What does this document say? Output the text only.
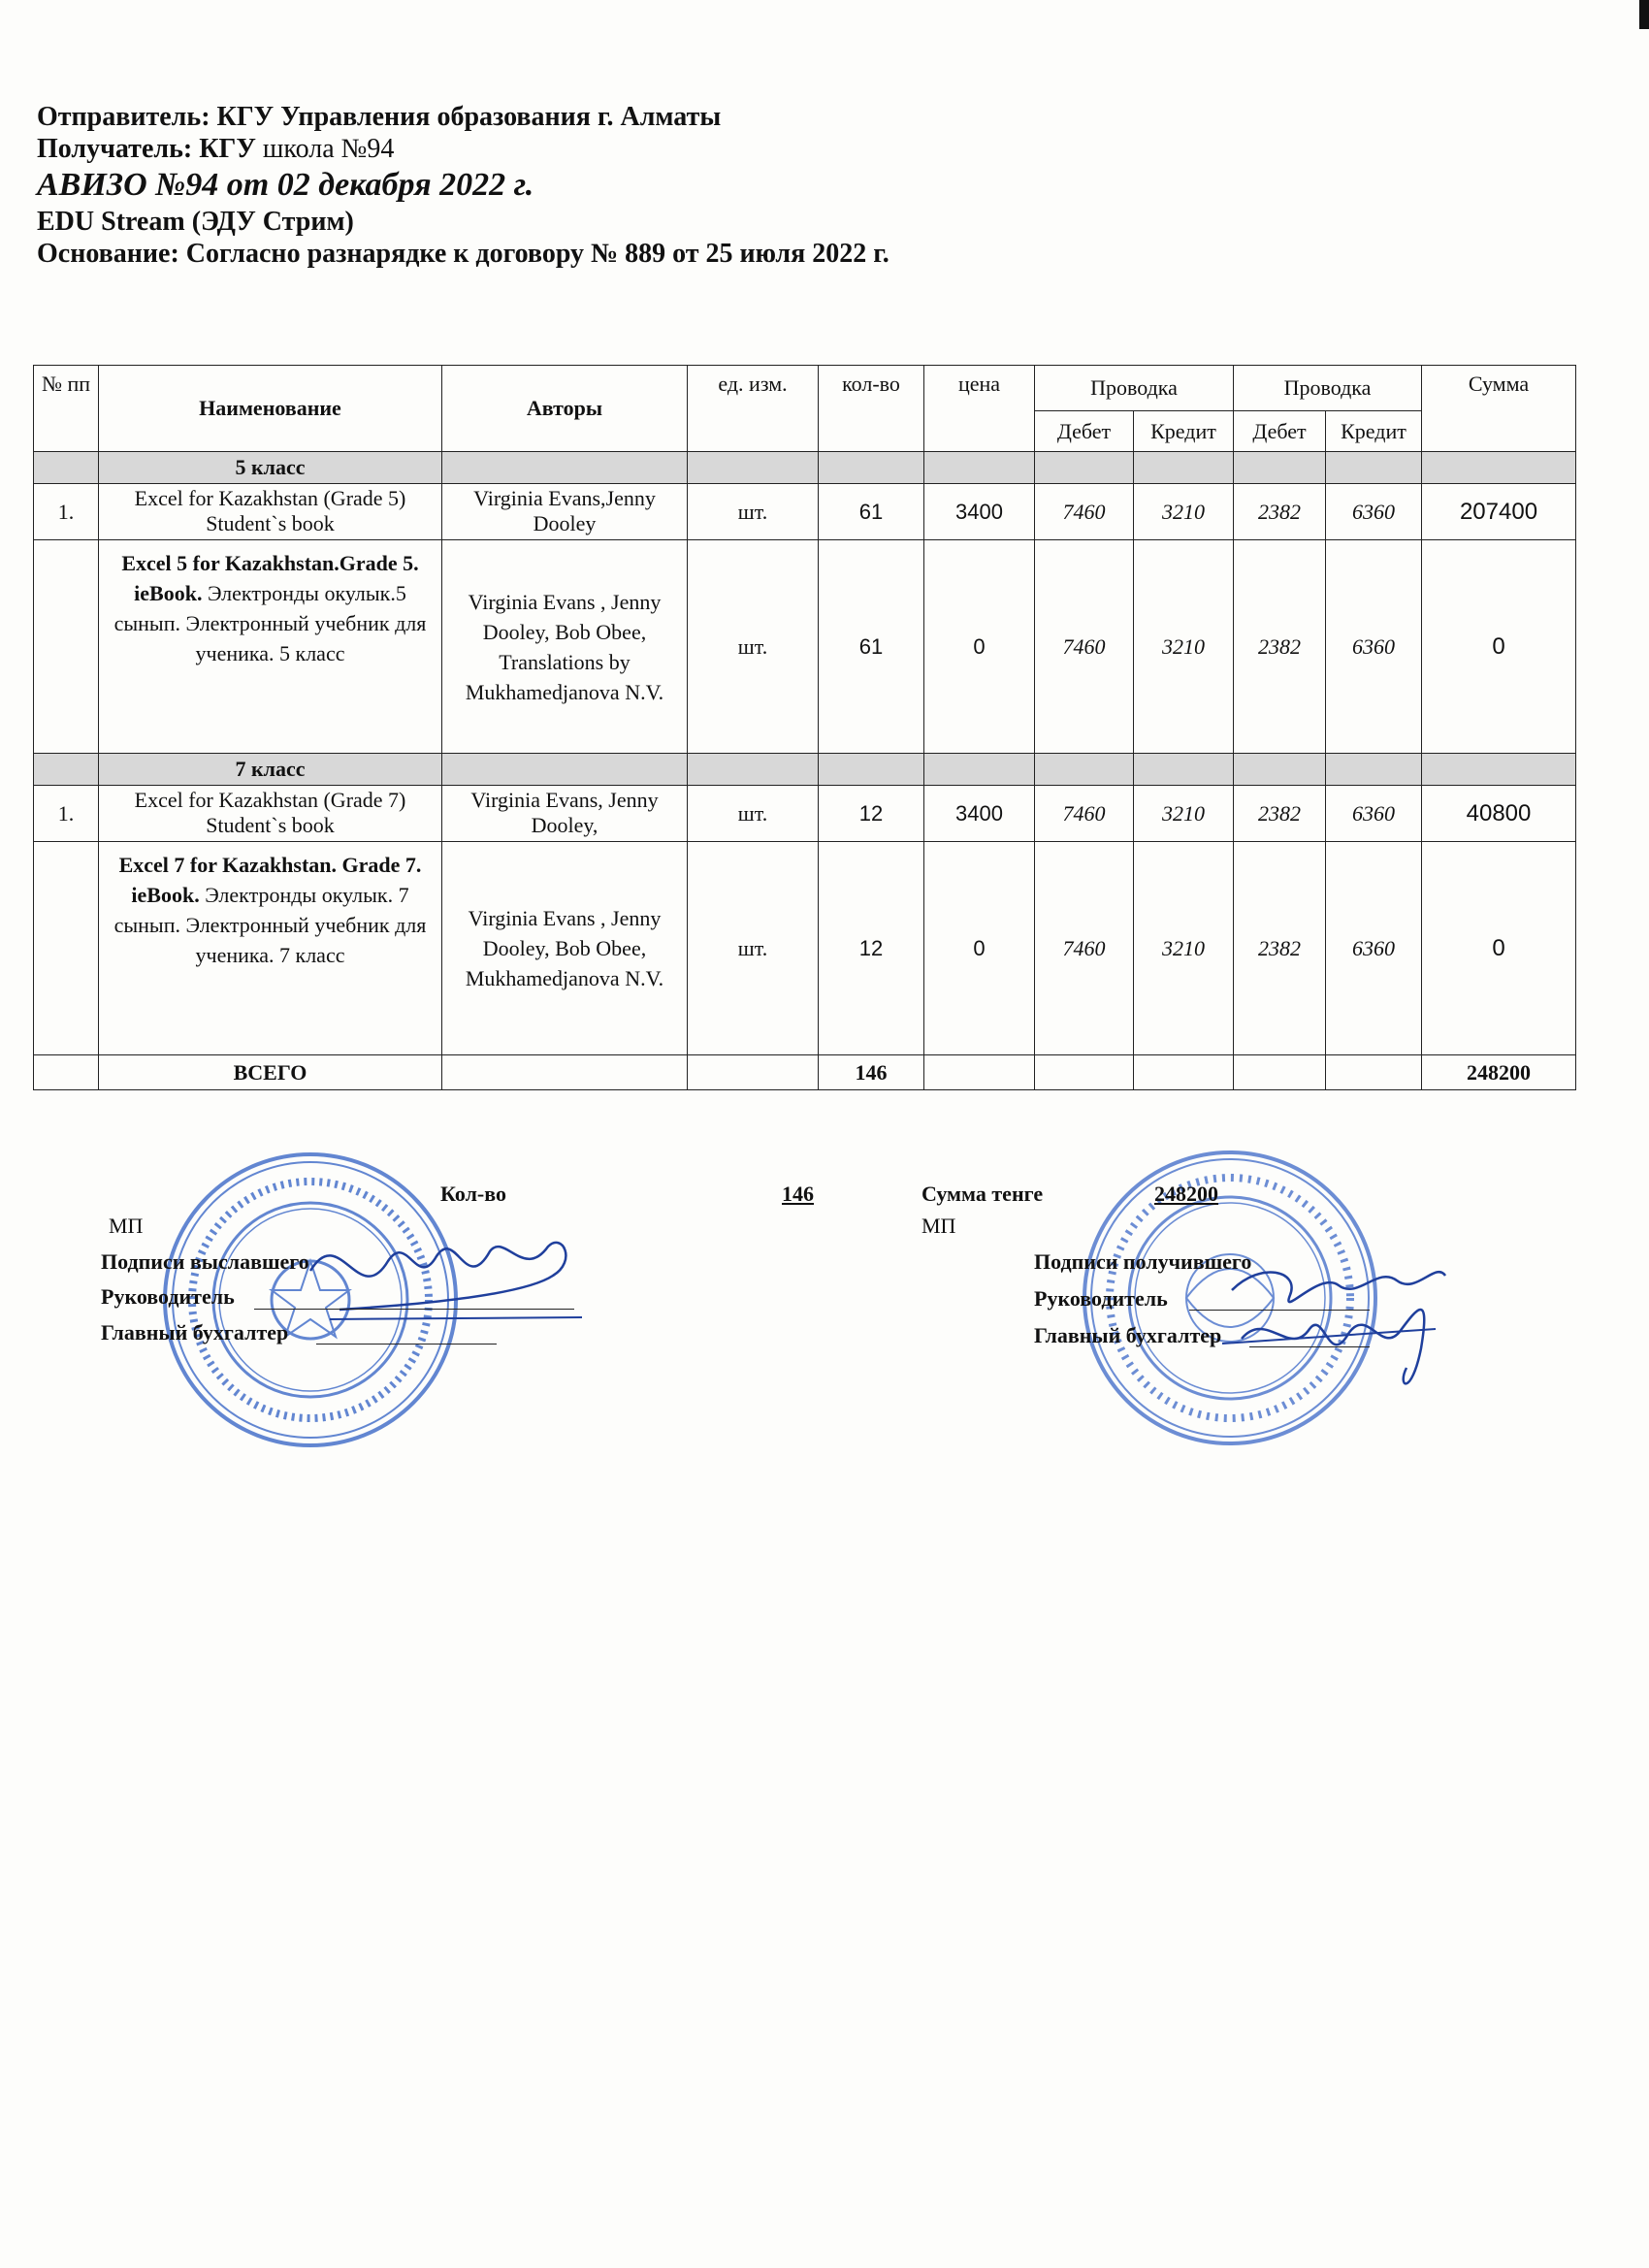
Отправитель: КГУ Управления образования г. Алматы
Получатель: КГУ школа №94
АВИЗО №94 от 02 декабря 2022 г.
EDU Stream (ЭДУ Стрим)
Основание: Согласно разнарядке к договору № 889 от 25 июля 2022 г.
№ пп	Наименование	Авторы	ед. изм.	кол-во	цена	Проводка		Проводка		Сумма
						Дебет	Кредит	Дебет	Кредит	
	5 класс									
1.	Excel for Kazakhstan (Grade 5) Student`s book	Virginia Evans,Jenny Dooley	шт.	61	3400	7460	3210	2382	6360	207400
	Excel 5 for Kazakhstan.Grade 5. ieBook. Электронды окулык.5 сынып. Электронный учебник для ученика. 5 класс	Virginia Evans , Jenny Dooley, Bob Obee, Translations by Mukhamedjanova N.V.	шт.	61	0	7460	3210	2382	6360	0
	7 класс									
1.	Excel for Kazakhstan (Grade 7) Student`s book	Virginia Evans, Jenny Dooley,	шт.	12	3400	7460	3210	2382	6360	40800
	Excel 7 for Kazakhstan. Grade 7. ieBook. Электронды окулык. 7 сынып. Электронный учебник для ученика. 7 класс	Virginia Evans , Jenny Dooley, Bob Obee, Mukhamedjanova N.V.	шт.	12	0	7460	3210	2382	6360	0
	ВСЕГО			146						248200
Кол-во	146	Сумма тенге	248200
МП	МП
Подписи выславшего
Руководитель
Главный бухгалтер
Подписи получившего
Руководитель
Главный бухгалтер
